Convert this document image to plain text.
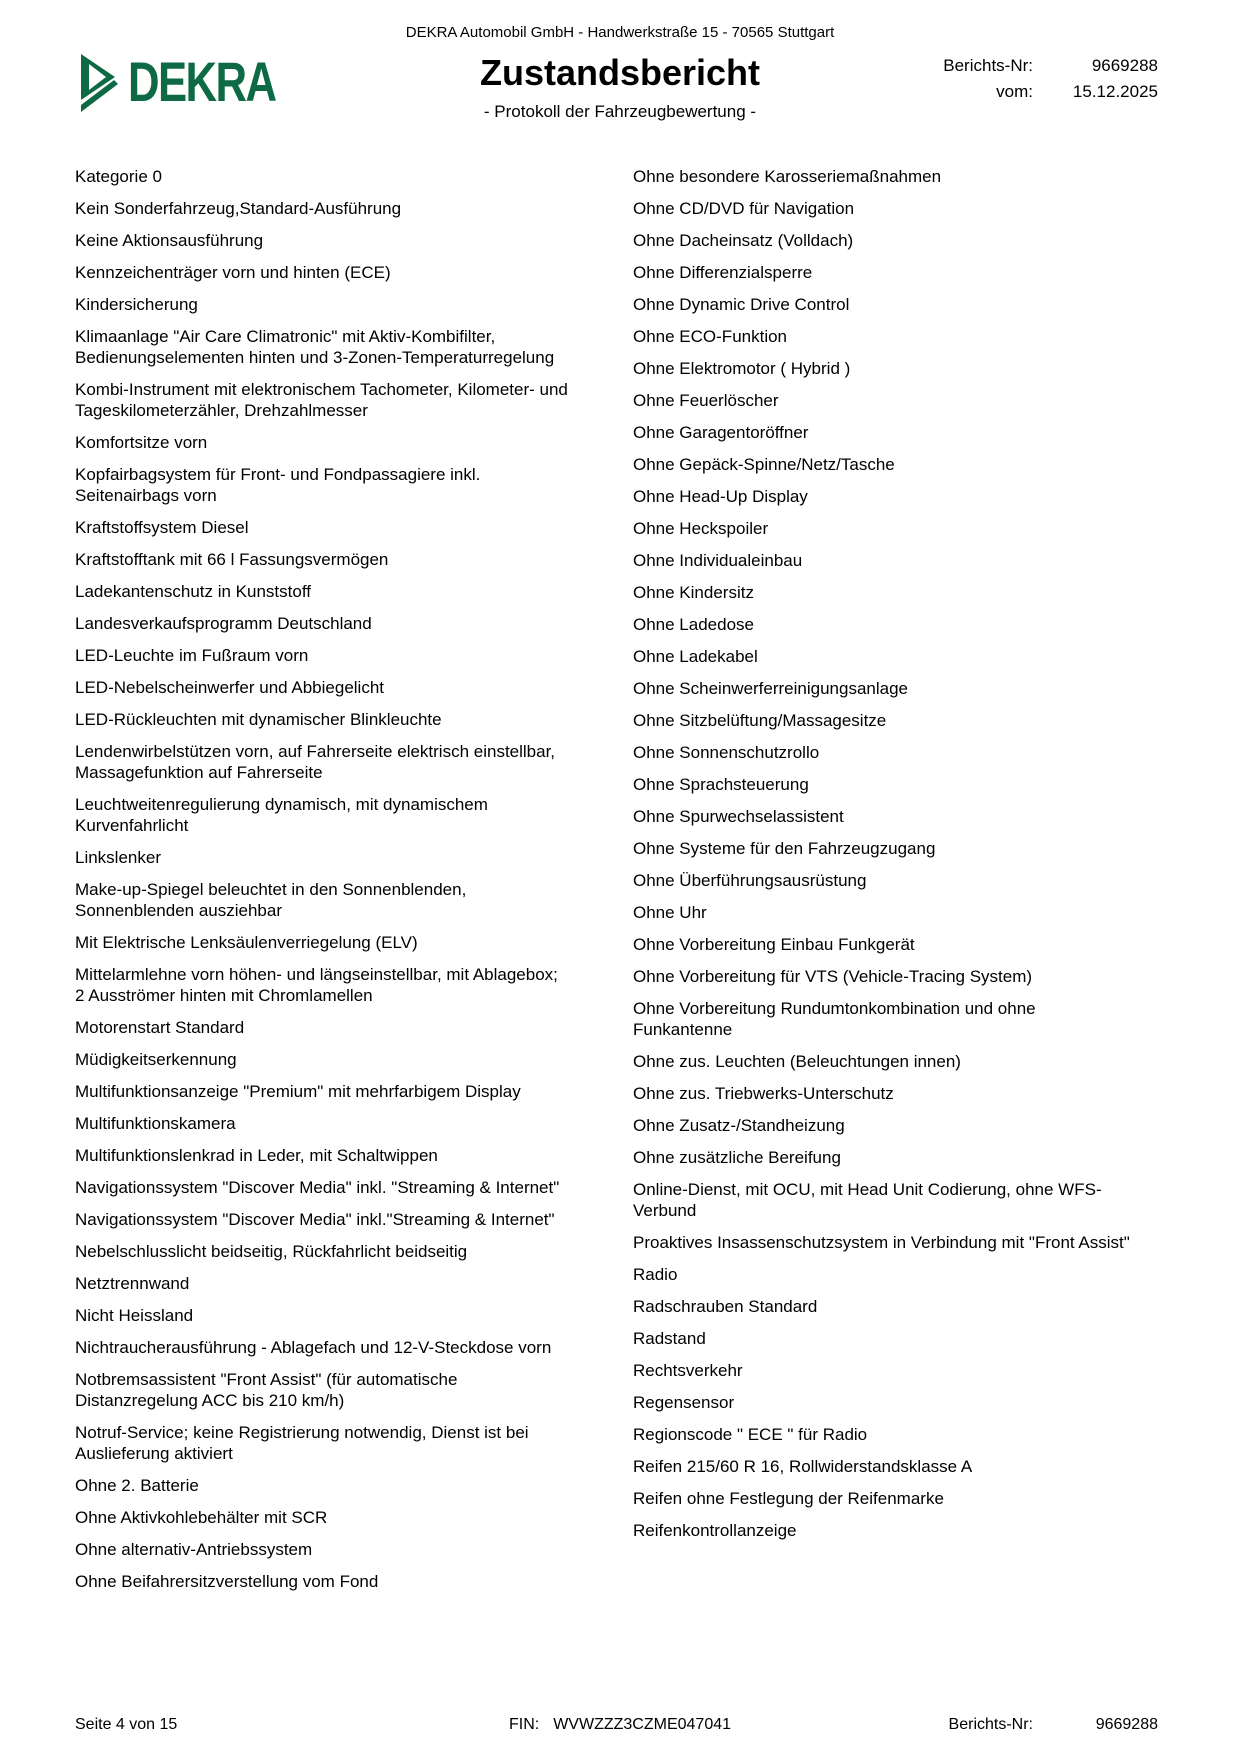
DEKRA Automobil GmbH - Handwerkstraße 15 - 70565 Stuttgart
DEKRA	Zustandsbericht
- Protokoll der Fahrzeugbewertung -
Berichts-Nr:	9669288
vom:	15.12.2025
Kategorie 0
Kein Sonderfahrzeug,Standard-Ausführung
Keine Aktionsausführung
Kennzeichenträger vorn und hinten (ECE)
Kindersicherung
Klimaanlage "Air Care Climatronic" mit Aktiv-Kombifilter, Bedienungselementen hinten und 3-Zonen-Temperaturregelung
Kombi-Instrument mit elektronischem Tachometer, Kilometer- und Tageskilometerzähler, Drehzahlmesser
Komfortsitze vorn
Kopfairbagsystem für Front- und Fondpassagiere inkl. Seitenairbags vorn
Kraftstoffsystem Diesel
Kraftstofftank mit 66 l Fassungsvermögen
Ladekantenschutz in Kunststoff
Landesverkaufsprogramm Deutschland
LED-Leuchte im Fußraum vorn
LED-Nebelscheinwerfer und Abbiegelicht
LED-Rückleuchten mit dynamischer Blinkleuchte
Lendenwirbelstützen vorn, auf Fahrerseite elektrisch einstellbar, Massagefunktion auf Fahrerseite
Leuchtweitenregulierung dynamisch, mit dynamischem Kurvenfahrlicht
Linkslenker
Make-up-Spiegel beleuchtet in den Sonnenblenden, Sonnenblenden ausziehbar
Mit Elektrische Lenksäulenverriegelung (ELV)
Mittelarmlehne vorn höhen- und längseinstellbar, mit Ablagebox; 2 Ausströmer hinten mit Chromlamellen
Motorenstart Standard
Müdigkeitserkennung
Multifunktionsanzeige "Premium" mit mehrfarbigem Display
Multifunktionskamera
Multifunktionslenkrad in Leder, mit Schaltwippen
Navigationssystem "Discover Media" inkl. "Streaming & Internet"
Navigationssystem "Discover Media" inkl."Streaming & Internet"
Nebelschlusslicht beidseitig, Rückfahrlicht beidseitig
Netztrennwand
Nicht Heissland
Nichtraucherausführung - Ablagefach und 12-V-Steckdose vorn
Notbremsassistent "Front Assist" (für automatische Distanzregelung ACC bis 210 km/h)
Notruf-Service; keine Registrierung notwendig, Dienst ist bei Auslieferung aktiviert
Ohne 2. Batterie
Ohne Aktivkohlebehälter mit SCR
Ohne alternativ-Antriebssystem
Ohne Beifahrersitzverstellung vom Fond
Ohne besondere Karosseriemaßnahmen
Ohne CD/DVD für Navigation
Ohne Dacheinsatz (Volldach)
Ohne Differenzialsperre
Ohne Dynamic Drive Control
Ohne ECO-Funktion
Ohne Elektromotor ( Hybrid )
Ohne Feuerlöscher
Ohne Garagentoröffner
Ohne Gepäck-Spinne/Netz/Tasche
Ohne Head-Up Display
Ohne Heckspoiler
Ohne Individualeinbau
Ohne Kindersitz
Ohne Ladedose
Ohne Ladekabel
Ohne Scheinwerferreinigungsanlage
Ohne Sitzbelüftung/Massagesitze
Ohne Sonnenschutzrollo
Ohne Sprachsteuerung
Ohne Spurwechselassistent
Ohne Systeme für den Fahrzeugzugang
Ohne Überführungsausrüstung
Ohne Uhr
Ohne Vorbereitung Einbau Funkgerät
Ohne Vorbereitung für VTS (Vehicle-Tracing System)
Ohne Vorbereitung Rundumtonkombination und ohne Funkantenne
Ohne zus. Leuchten (Beleuchtungen innen)
Ohne zus. Triebwerks-Unterschutz
Ohne Zusatz-/Standheizung
Ohne zusätzliche Bereifung
Online-Dienst, mit OCU, mit Head Unit Codierung, ohne WFS-Verbund
Proaktives Insassenschutzsystem in Verbindung mit "Front Assist"
Radio
Radschrauben Standard
Radstand
Rechtsverkehr
Regensensor
Regionscode " ECE " für Radio
Reifen 215/60 R 16, Rollwiderstandsklasse A
Reifen ohne Festlegung der Reifenmarke
Reifenkontrollanzeige
Seite 4 von 15	FIN: WVWZZZ3CZME047041	Berichts-Nr:	9669288
